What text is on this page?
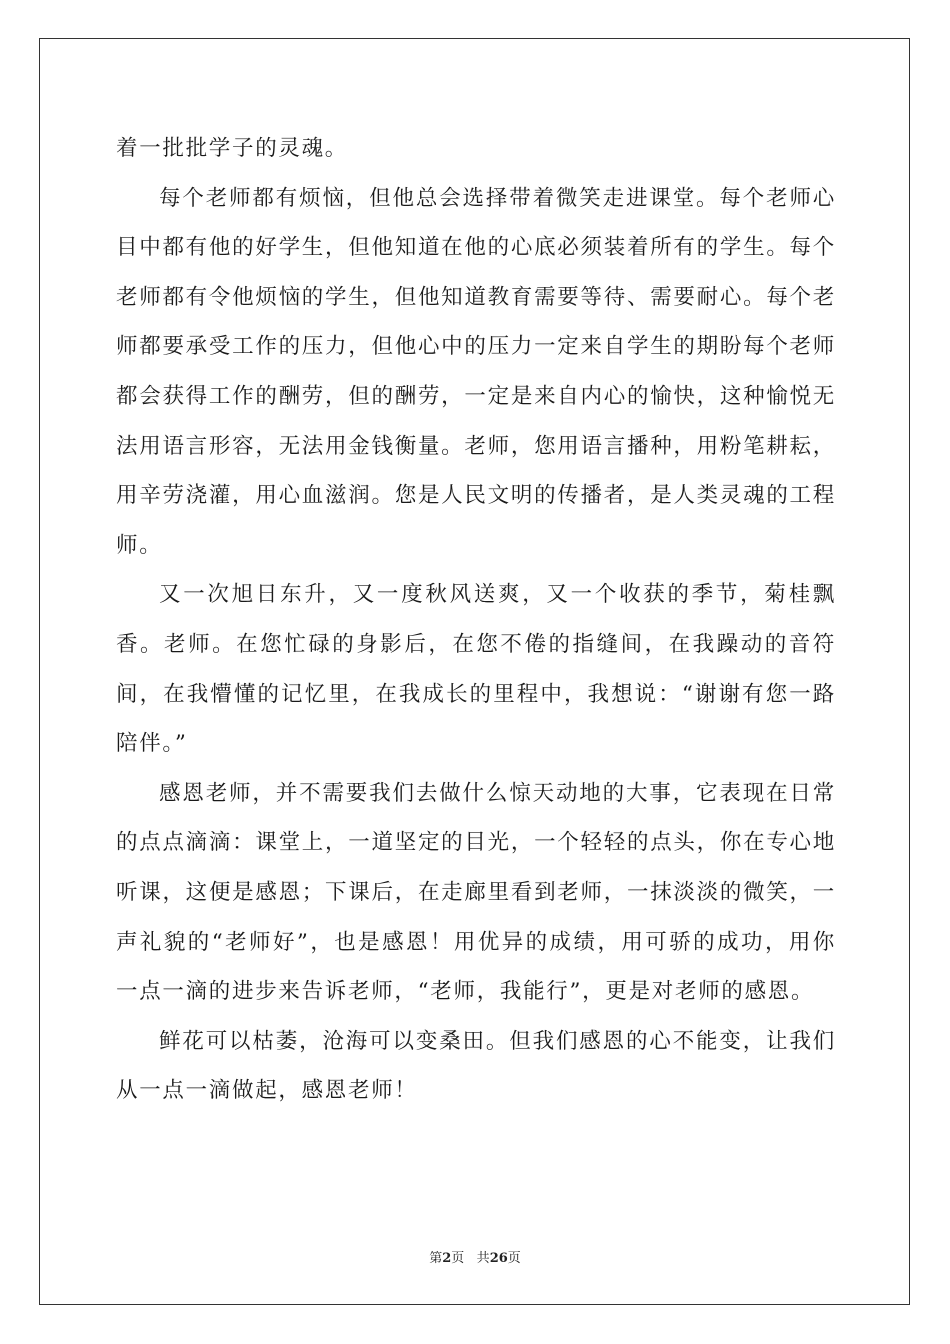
着一批批学子的灵魂。

每个老师都有烦恼，但他总会选择带着微笑走进课堂。每个老师心目中都有他的好学生，但他知道在他的心底必须装着所有的学生。每个老师都有令他烦恼的学生，但他知道教育需要等待、需要耐心。每个老师都要承受工作的压力，但他心中的压力一定来自学生的期盼每个老师都会获得工作的酬劳，但的酬劳，一定是来自内心的愉快，这种愉悦无法用语言形容，无法用金钱衡量。老师，您用语言播种，用粉笔耕耘，用辛劳浇灌，用心血滋润。您是人民文明的传播者，是人类灵魂的工程师。

又一次旭日东升，又一度秋风送爽，又一个收获的季节，菊桂飘香。老师。在您忙碌的身影后，在您不倦的指缝间，在我躁动的音符间，在我懵懂的记忆里，在我成长的里程中，我想说：“谢谢有您一路陪伴。”

感恩老师，并不需要我们去做什么惊天动地的大事，它表现在日常的点点滴滴：课堂上，一道坚定的目光，一个轻轻的点头，你在专心地听课，这便是感恩；下课后，在走廊里看到老师，一抹淡淡的微笑，一声礼貌的“老师好”，也是感恩！用优异的成绩，用可骄的成功，用你一点一滴的进步来告诉老师，“老师，我能行”，更是对老师的感恩。

鲜花可以枯萎，沧海可以变桑田。但我们感恩的心不能变，让我们从一点一滴做起，感恩老师！

第2页 共26页
